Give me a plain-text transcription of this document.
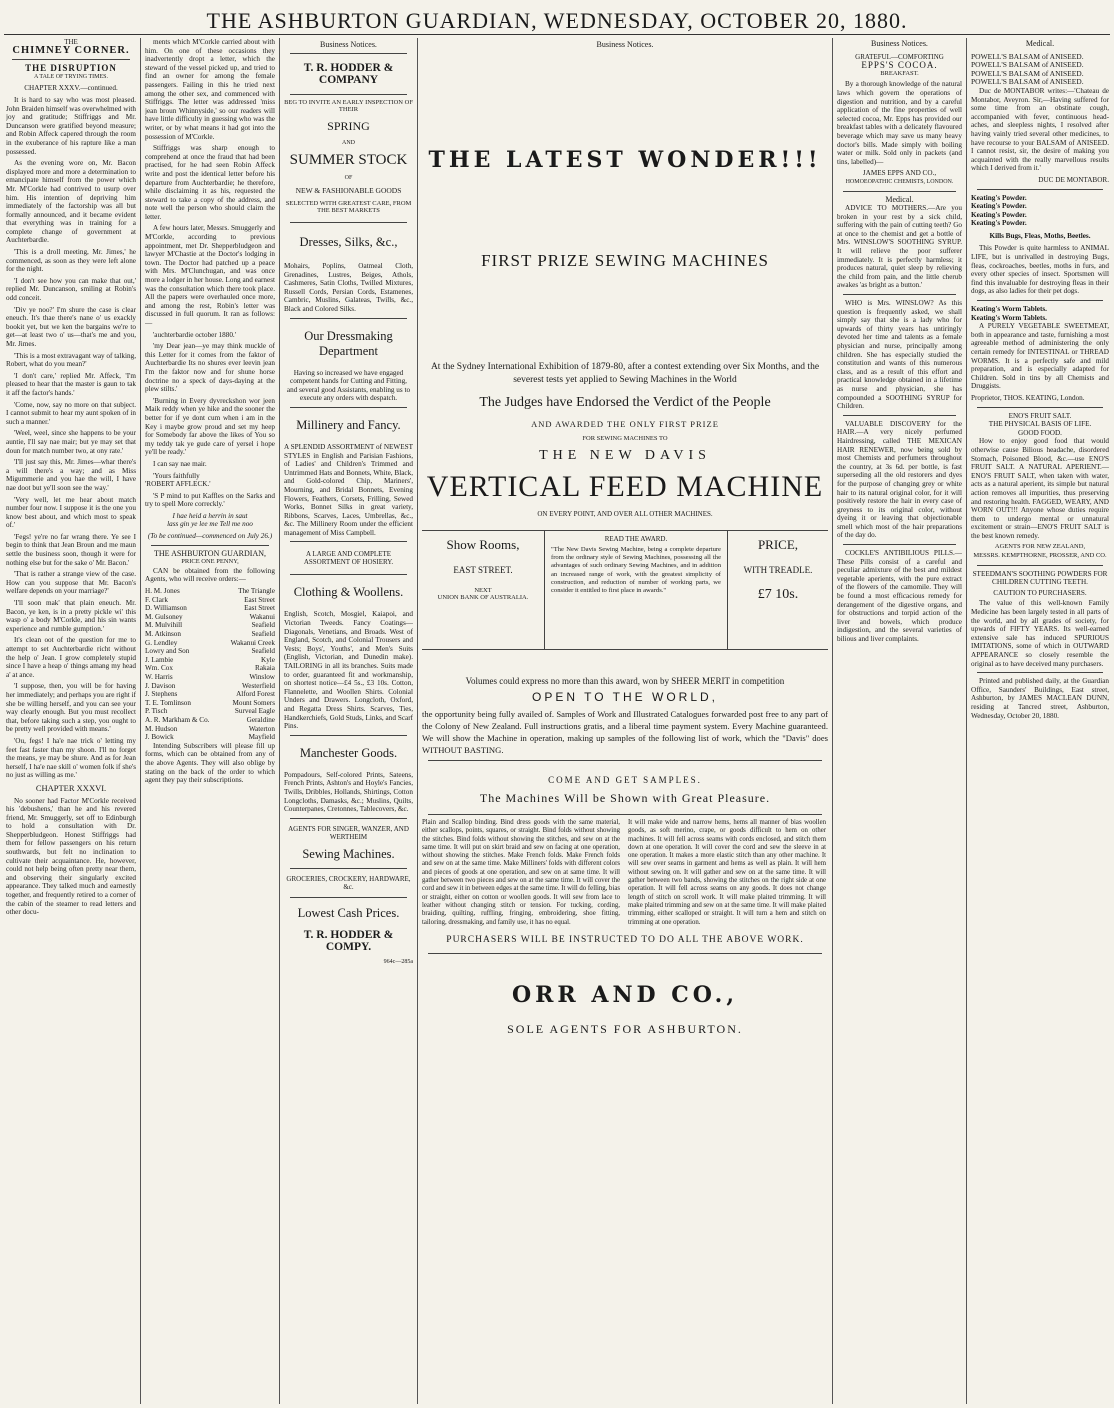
THE ASHBURTON GUARDIAN, WEDNESDAY, OCTOBER 20, 1880.
THE
CHIMNEY CORNER.
THE DISRUPTION
A TALE OF TRYING TIMES.
CHAPTER XXXV.—continued.

It is hard to say who was most pleased. John Braiden himself was overwhelmed with joy and gratitude; Stiffriggs and Mr. Duncanson were gratified beyond measure; and Robin Affeck capered through the room in the exuberance of his rapture like a man possessed.

As the evening wore on, Mr. Bacon displayed more and more a determination to emancipate himself from the power which Mr. M'Corkle had contrived to usurp over him. His intention of depriving him immediately of the factorship was all but formally announced, and it became evident that everything was in training for a complete change of government at Auchterbardie.

'This is a droll meeting, Mr. Jimes,' he commenced, as soon as they were left alone for the night.

'I don't see how you can make that out,' replied Mr. Duncanson, smiling at Robin's odd conceit.

'Div ye noo?' I'm shure the case is clear eneuch. It's thae there's nane o' us exackly bookit yet, but we ken the bargains we're to get—at least two o' us—that's me and you, Mr. Jimes.

'This is a most extravagant way of talking, Robert, what do you mean?'

'I don't care,' replied Mr. Affeck, 'I'm pleased to hear that the master is gaun to tak it aff the factor's hands.'

'Come, now, say no more on that subject. I cannot submit to hear my aunt spoken of in such a manner.'

'Weel, weel, since she happens to be your auntie, I'll say nae mair; but ye may set that doun for match number two, at ony rate.'

'I'll just say this, Mr. Jimes—whar there's a will there's a way; and as Miss Migummerie and you hae the will, I have nae doot but ye'll soon see the way.'

'Very well, let me hear about match number four now. I suppose it is the one you know best about, and which most to speak of.'

'Fegs! ye're no far wrang there. Ye see I begin to think that Jean Broun and me maun settle the business soon, though it were for nothing else but for the sake o' Mr. Bacon.'

'That is rather a strange view of the case. How can you suppose that Mr. Bacon's welfare depends on your marriage?'

'I'll soon mak' that plain eneuch. Mr. Bacon, ye ken, is in a pretty pickle wi' this wasp o' a body M'Corkle, and his sin wants experience and rumble gumption.'

It's clean oot of the question for me to attempt to set Auchterbardie richt without the help o' Jean. I grow completely stupid since I have a heap o' things amang my head a' at ance.

'I suppose, then, you will be for having her immediately; and perhaps you are right if she be willing herself, and you can see your way clearly enough. But you must recollect that, before taking such a step, you ought to be pretty well provided with means.'

'Ou, fegs! I ha'e nae trick o' letting my feet fast faster than my shoon. I'll no forget the means, ye may be shure. And as for Jean herself, I ha'e nae skill o' women folk if she's no just as willing as me.'

CHAPTER XXXVI.

No sooner had Factor M'Corkle received his 'debushens,' than he and his revered friend, Mr. Smuggerly, set off to Edinburgh to hold a consultation with Dr. Shepperbludgeon. Honest Stiffriggs had them for fellow passengers on his return southwards, but felt no inclination to cultivate their acquaintance. He, however, could not help being often pretty near them, and observing their singularly excited appearance. They talked much and earnestly together, and frequently retired to a corner of the cabin of the steamer to read letters and other docu-

ments which M'Corkle carried about with him. On one of these occasions they inadvertently dropt a letter, which the steward of the vessel picked up, and tried to find an owner for among the female passengers. Failing in this he tried next among the other sex, and commenced with Stiffriggs. The letter was addressed 'miss jean broun Whinnyside,' so our readers will have little difficulty in guessing who was the writer, or by what means it had got into the possession of M'Corkle.

Stiffriggs was sharp enough to comprehend at once the fraud that had been practised, for he had seen Robin Affeck write and post the identical letter before his departure from Auchterbardie; he therefore, while disclaiming it as his, requested the steward to take a copy of the address, and note well the person who should claim the letter.

A few hours later, Messrs. Smuggerly and M'Corkle, according to previous appointment, met Dr. Shepperbludgeon and lawyer M'Chastie at the Doctor's lodging in town. The Doctor had patched up a peace with Mrs. M'Clunchugan, and was once more a lodger in her house. Long and earnest was the consultation which there took place. All the papers were overhauled once more, and among the rest, Robin's letter was discussed in full quorum. It ran as follows:—

'auchterbardie october 1880.'

'my Dear jean—ye may think muckle of this Letter for it comes from the faktor of Auchterbardie Its no shures ever leevin jean I'm the faktor now and for shune horse doctrine no a speck of days-daying at the plew stilts.'

'Burning in Every dyvreckshon wor jeen Maik reddy when ye hike and the sooner the better for if ye dont cum when i am in the Key i maybe grow proud and set my heep for Somebody far above the likes of You so my teddy tak ye gude care of yersel i hope ye'll be ready.'

I can say nae mair.

'Yours faithfully
'ROBERT AFFLECK.'

'S P mind to put Kaffles on the Sarks and try to spell More correckly.'

I hae heid a herrin in saut
lass gin ye lee me Tell me noo
(To be continued—commenced on July 26.)
THE ASHBURTON GUARDIAN,
PRICE ONE PENNY,

CAN be obtained from the following Agents, who will receive orders:—

H. M. Jones	The Triangle
F. Clark	East Street
D. Williamson	East Street
M. Gulsoney	Wakanui
M. Mulvihill	Seafield
M. Atkinson	Seafield
G. Lendley	Wakanui Creek
Lowry and Son	Seafield
J. Lambie	Kyle
Wm. Cox	Rakaia
W. Harris	Winslow
J. Davison	Westerfield
J. Stephens	Alford Forest
T. E. Tomlinson	Mount Somers
P. Tisch	Surveal Eagle
A. R. Markham & Co.	Geraldine
M. Hudson	Waterton
J. Bowick	Mayfield

Intending Subscribers will please fill up forms, which can be obtained from any of the above Agents. They will also oblige by stating on the back of the order to which agent they pay their subscriptions.

Business Notices.
T. R. HODDER & COMPANY
BEG TO INVITE AN EARLY INSPECTION OF THEIR
SPRING
AND
SUMMER STOCK
OF
NEW & FASHIONABLE GOODS
SELECTED WITH GREATEST CARE, FROM THE BEST MARKETS
Dresses, Silks, &c.,
Mohairs, Poplins, Oatmeal Cloth, Grenadines, Lustres, Beiges, Athols, Cashmeres, Satin Cloths, Twilled Mixtures, Russell Cords, Persian Cords, Estamenes, Cambric, Muslins, Galateas, Twills, &c., Black and Colored Silks.
Our Dressmaking Department
Having so increased we have engaged competent hands for Cutting and Fitting, and several good Assistants, enabling us to execute any orders with despatch.
Millinery and Fancy.
A SPLENDID ASSORTMENT of NEWEST STYLES in English and Parisian Fashions, of Ladies' and Children's Trimmed and Untrimmed Hats and Bonnets, White, Black, and Gold-colored Chip, Mariners', Mourning, and Bridal Bonnets, Evening Flowers, Feathers, Corsets, Frilling, Sewed Works, Bonnet Silks in great variety, Ribbons, Scarves, Laces, Umbrellas, &c., &c. The Millinery Room under the efficient management of Miss Campbell.
A LARGE AND COMPLETE ASSORTMENT OF HOSIERY.
Clothing & Woollens.
English, Scotch, Mosgiel, Kaiapoi, and Victorian Tweeds. Fancy Coatings—Diagonals, Venetians, and Broads. West of England, Scotch, and Colonial Trousers and Vests; Boys', Youths', and Men's Suits (English, Victorian, and Dunedin make). TAILORING in all its branches. Suits made to order, guaranteed fit and workmanship, on shortest notice—£4 5s., £3 10s. Cotton, Flannelette, and Woollen Shirts. Colonial Unders and Drawers. Longcloth, Oxford, and Regatta Dress Shirts. Scarves, Ties, Handkerchiefs, Gold Studs, Links, and Scarf Pins.
Manchester Goods.
Pompadours, Self-colored Prints, Sateens, French Prints, Ashton's and Hoyle's Fancies, Twills, Dribbles, Hollands, Shirtings, Cotton Longcloths, Damasks, &c.; Muslins, Quilts, Counterpanes, Cretonnes, Tablecovers, &c.
AGENTS FOR SINGER, WANZER, AND WERTHEIM
Sewing Machines.
GROCERIES, CROCKERY, HARDWARE, &c.
Lowest Cash Prices.
T. R. HODDER & COMPY.
964c—285a
Business Notices.
THE LATEST WONDER!!!
FIRST PRIZE SEWING MACHINES
At the Sydney International Exhibition of 1879-80, after a contest extending over Six Months, and the severest tests yet applied to Sewing Machines in the World
The Judges have Endorsed the Verdict of the People
AND AWARDED THE ONLY FIRST PRIZE
FOR SEWING MACHINES TO
THE NEW DAVIS
VERTICAL FEED MACHINE
ON EVERY POINT, AND OVER ALL OTHER MACHINES.
Show Rooms,
EAST STREET.
NEXT
UNION BANK OF AUSTRALIA.
READ THE AWARD.
"The New Davis Sewing Machine, being a complete departure from the ordinary style of Sewing Machines, possessing all the advantages of such ordinary Sewing Machines, and in addition an increased range of work, with the greatest simplicity of construction, and reduction of number of working parts, we consider it entitled to first place in awards."
PRICE,
WITH TREADLE.
£7 10s.
Volumes could express no more than this award, won by SHEER MERIT in competition
OPEN TO THE WORLD,
the opportunity being fully availed of. Samples of Work and Illustrated Catalogues forwarded post free to any part of the Colony of New Zealand. Full instructions gratis, and a liberal time payment system. Every Machine guaranteed. We will show the Machine in operation, making up samples of the following list of work, which the "Davis" does WITHOUT BASTING.
COME AND GET SAMPLES.
The Machines Will be Shown with Great Pleasure.
Plain and Scallop binding. Bind dress goods with the same material, either scallops, points, squares, or straight. Bind folds without showing the stitches. Bind folds without showing the stitches, and sew on at the same time. It will put on skirt braid and sew on facing at one operation, without showing the stitches. Make French folds. Make French folds and sew on at the same time. Make Milliners' folds with different colors and pieces of goods at one operation, and sew on at same time. It will gather between two pieces and sew on at the same time. It will cover the cord and sew it in between edges at the same time. It will do felling, bias or straight, either on cotton or woollen goods. It will sew from lace to leather without changing stitch or tension. For tucking, cording, braiding, quilting, ruffling, fringing, embroidering, shoe fitting, tailoring, dressmaking, and family use, it has no equal.
It will make wide and narrow hems, hems all manner of bias woollen goods, as soft merino, crape, or goods difficult to hem on other machines. It will fell across seams with cords enclosed, and stitch them down at one operation. It will cover the cord and sew the sleeve in at one operation. It makes a more elastic stitch than any other machine. It will sew over seams in garment and hems as well as plain. It will hem without sewing on. It will gather and sew on at the same time. It will gather between two bands, showing the stitches on the right side at one operation. It will fell across seams on any goods. It does not change length of stitch on scroll work. It will make plaited trimming. It will make plaited trimming and sew on at the same time. It will make plaited trimming, either scalloped or straight. It will turn a hem and stitch on trimming at one operation.
PURCHASERS WILL BE INSTRUCTED TO DO ALL THE ABOVE WORK.
ORR AND CO.,
SOLE AGENTS FOR ASHBURTON.
Business Notices.
GRATEFUL—COMFORTING
EPPS'S COCOA.
BREAKFAST.

By a thorough knowledge of the natural laws which govern the operations of digestion and nutrition, and by a careful application of the fine properties of well selected cocoa, Mr. Epps has provided our breakfast tables with a delicately flavoured beverage which may save us many heavy doctor's bills. Made simply with boiling water or milk. Sold only in packets (and tins, labelled)—

JAMES EPPS AND CO.,
HOMOEOPATHIC CHEMISTS, LONDON.
Medical.

ADVICE TO MOTHERS.—Are you broken in your rest by a sick child, suffering with the pain of cutting teeth? Go at once to the chemist and get a bottle of Mrs. WINSLOW'S SOOTHING SYRUP. It will relieve the poor sufferer immediately. It is perfectly harmless; it produces natural, quiet sleep by relieving the child from pain, and the little cherub awakes 'as bright as a button.'

WHO is Mrs. WINSLOW? As this question is frequently asked, we shall simply say that she is a lady who for upwards of thirty years has untiringly devoted her time and talents as a female physician and nurse, principally among children. She has especially studied the constitution and wants of this numerous class, and as a result of this effort and practical knowledge obtained in a lifetime as nurse and physician, she has compounded a SOOTHING SYRUP for Children.

VALUABLE DISCOVERY for the HAIR.—A very nicely perfumed Hairdressing, called THE MEXICAN HAIR RENEWER, now being sold by most Chemists and perfumers throughout the country, at 3s 6d. per bottle, is fast superseding all the old restorers and dyes for the purpose of changing grey or white hair to its natural original color, for it will positively restore the hair in every case of greyness to its original color, without dyeing it or leaving that objectionable smell which most of the hair preparations of the day do.

COCKLE'S ANTIBILIOUS PILLS.—These Pills consist of a careful and peculiar admixture of the best and mildest vegetable aperients, with the pure extract of the flowers of the camomile. They will be found a most efficacious remedy for derangement of the digestive organs, and for obstructions and torpid action of the liver and bowels, which produce indigestion, and the several varieties of bilious and liver complaints.

Medical.
POWELL'S BALSAM of ANISEED.
POWELL'S BALSAM of ANISEED.
POWELL'S BALSAM of ANISEED.
POWELL'S BALSAM of ANISEED.

Duc de MONTABOR writes:—'Chateau de Montabor, Aveyron. Sir,—Having suffered for some time from an obstinate cough, accompanied with fever, continuous head-aches, and sleepless nights, I resolved after having vainly tried several other medicines, to have recourse to your BALSAM of ANISEED. I cannot resist, sir, the desire of making you acquainted with the really marvellous results which I derived from it.'

DUC DE MONTABOR.
Keating's Powder.
Keating's Powder.
Keating's Powder.
Keating's Powder.
Kills Bugs, Fleas, Moths, Beetles.

This Powder is quite harmless to ANIMAL LIFE, but is unrivalled in destroying Bugs, fleas, cockroaches, beetles, moths in furs, and every other species of insect. Sportsmen will find this invaluable for destroying fleas in their dogs, as also ladies for their pet dogs.

Keating's Worm Tablets.
Keating's Worm Tablets.

A PURELY VEGETABLE SWEETMEAT, both in appearance and taste, furnishing a most agreeable method of administering the only certain remedy for INTESTINAL or THREAD WORMS. It is a perfectly safe and mild preparation, and is especially adapted for Children. Sold in tins by all Chemists and Druggists.

Proprietor, THOS. KEATING, London.
ENO'S FRUIT SALT.
THE PHYSICAL BASIS OF LIFE.
GOOD FOOD.

How to enjoy good food that would otherwise cause Bilious headache, disordered Stomach, Poisoned Blood, &c.—use ENO'S FRUIT SALT. A NATURAL APERIENT.—ENO'S FRUIT SALT, when taken with water, acts as a natural aperient, its simple but natural action removes all impurities, thus preserving and restoring health. FAGGED, WEARY, AND WORN OUT!!! Anyone whose duties require them to undergo mental or unnatural excitement or strain—ENO'S FRUIT SALT is the best known remedy.

AGENTS FOR NEW ZEALAND,
MESSRS. KEMPTHORNE, PROSSER, AND CO.
STEEDMAN'S SOOTHING POWDERS FOR CHILDREN CUTTING TEETH.
CAUTION TO PURCHASERS.

The value of this well-known Family Medicine has been largely tested in all parts of the world, and by all grades of society, for upwards of FIFTY YEARS. Its well-earned extensive sale has induced SPURIOUS IMITATIONS, some of which in OUTWARD APPEARANCE so closely resemble the original as to have deceived many purchasers.

Printed and published daily, at the Guardian Office, Saunders' Buildings, East street, Ashburton, by JAMES MACLEAN DUNN, residing at Tancred street, Ashburton, Wednesday, October 20, 1880.
